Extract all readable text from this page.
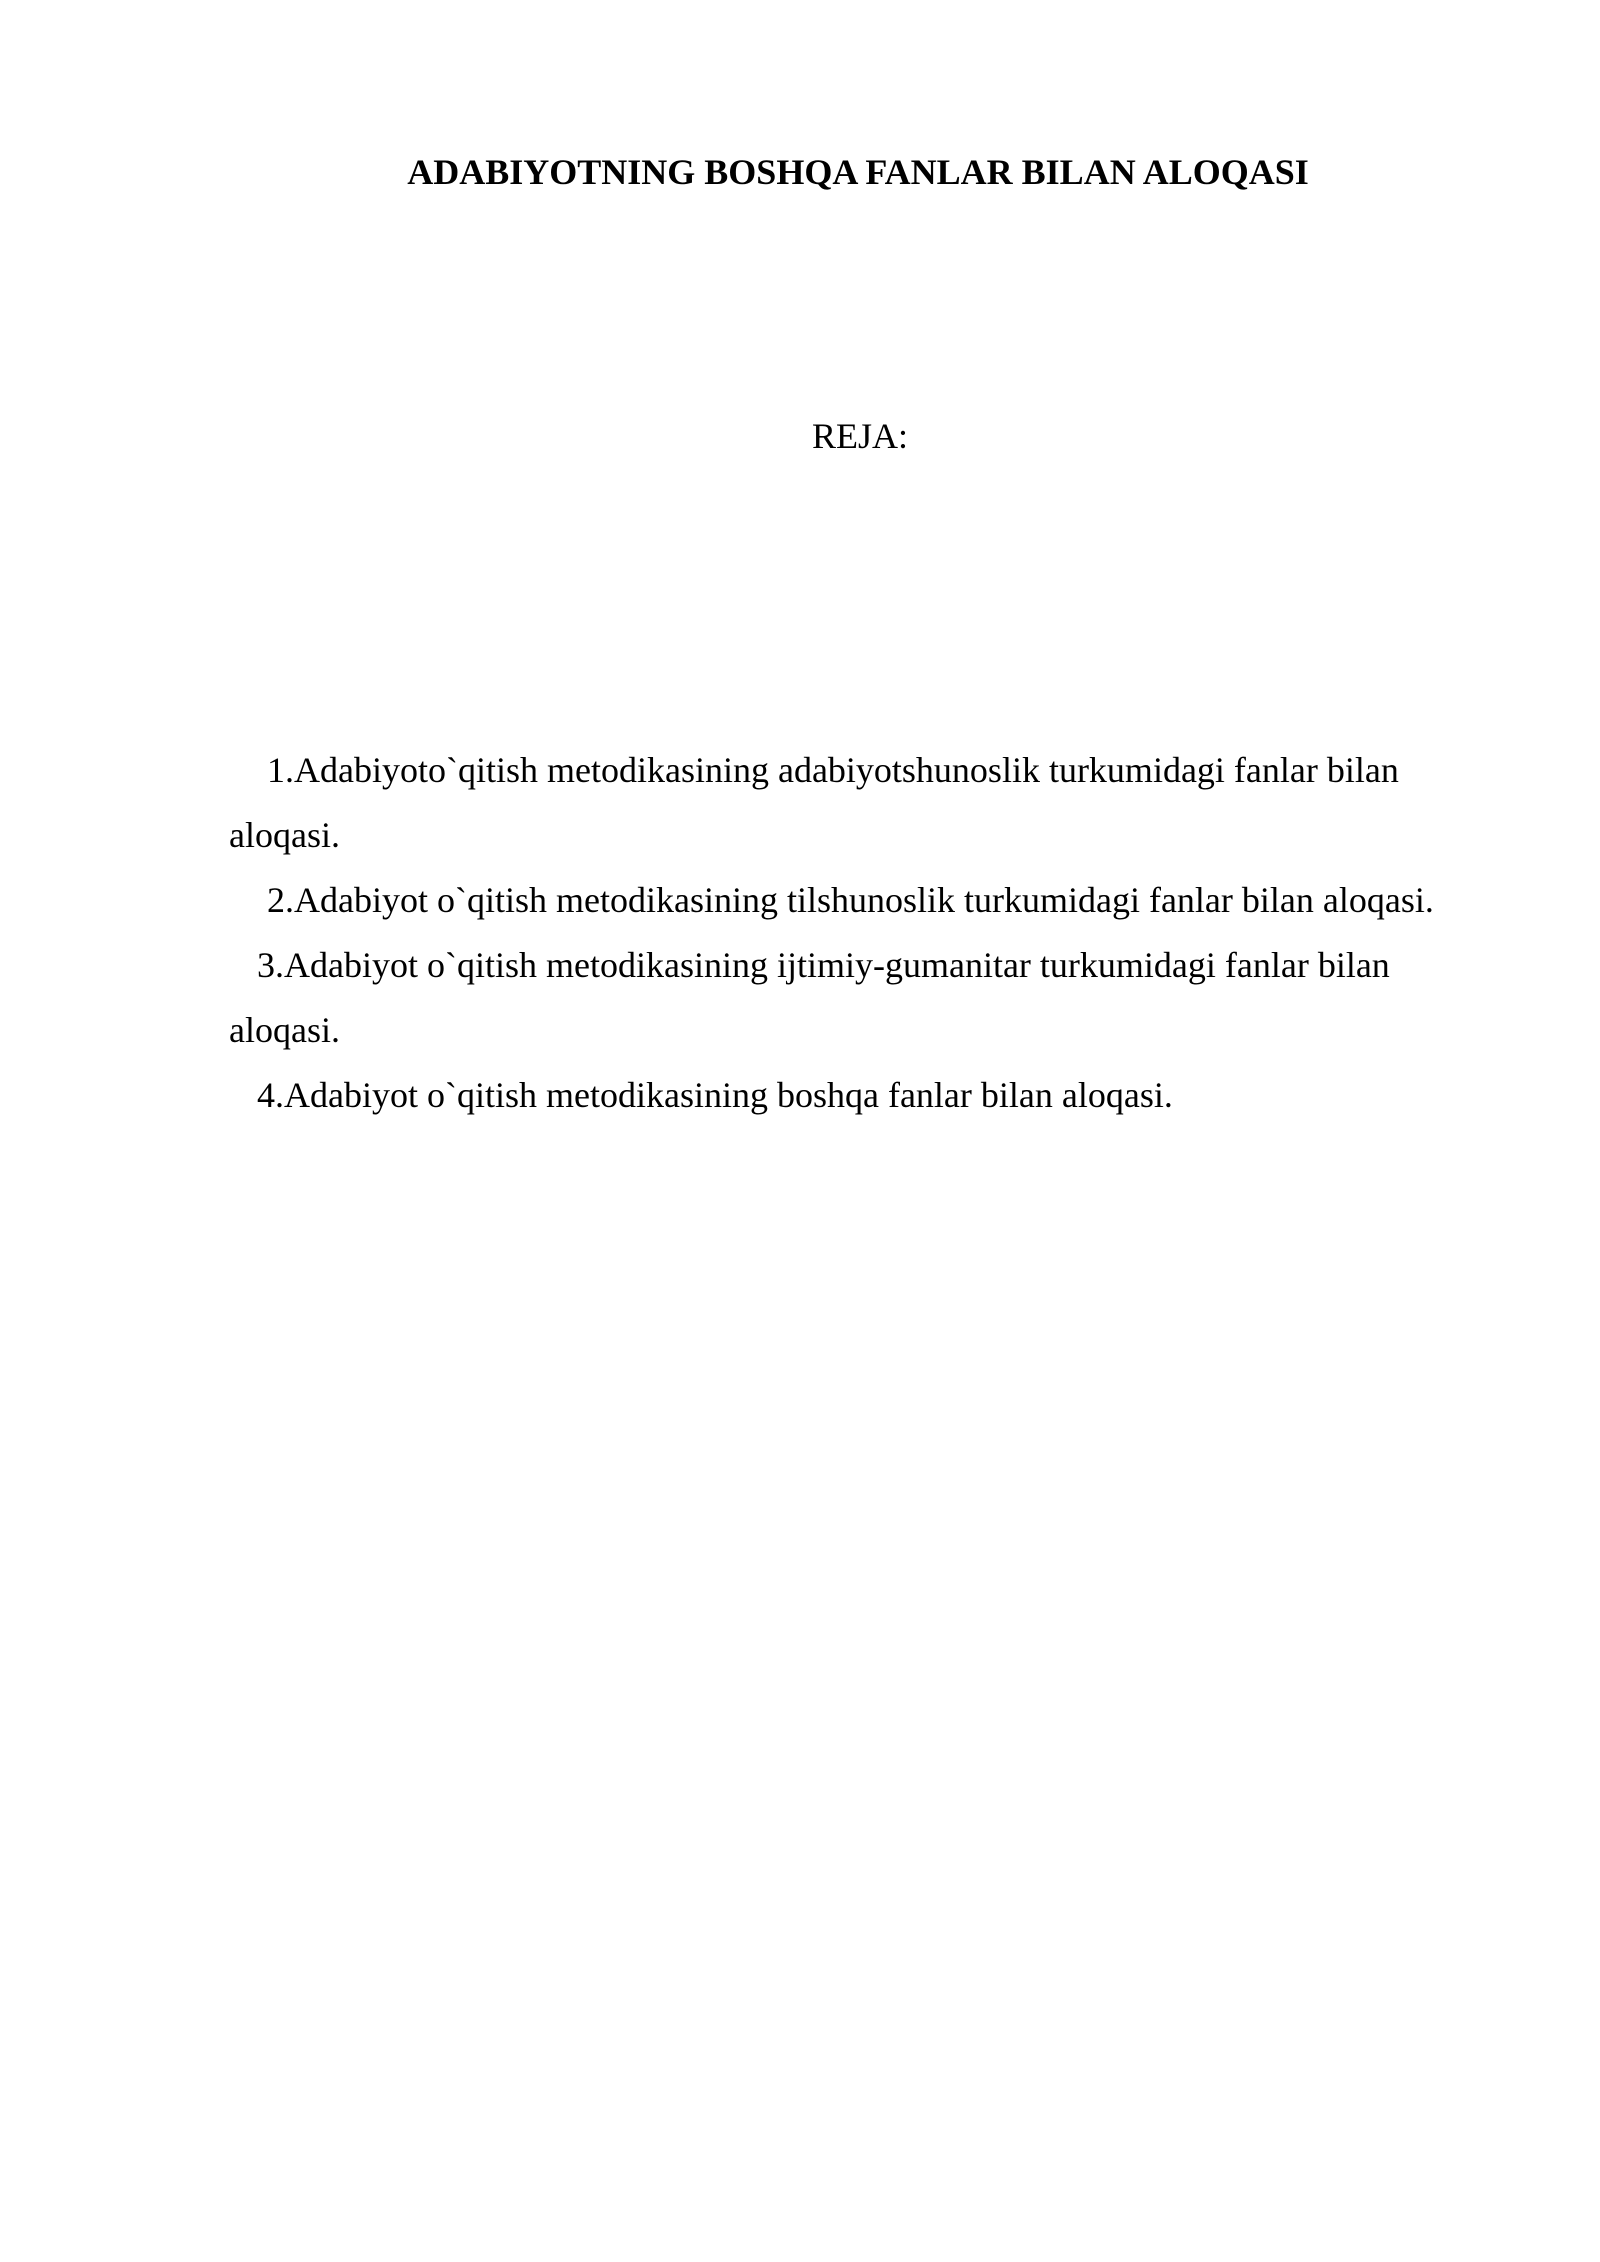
ADABIYOTNING BOSHQA FANLAR BILAN ALOQASI
REJA:

1.Adabiyoto`qitish metodikasining adabiyotshunoslik turkumidagi fanlar bilan aloqasi.

2.Adabiyot o`qitish metodikasining tilshunoslik turkumidagi fanlar bilan aloqasi.

3.Adabiyot o`qitish metodikasining ijtimiy-gumanitar turkumidagi fanlar bilan aloqasi.

4.Adabiyot o`qitish metodikasining boshqa fanlar bilan aloqasi.
